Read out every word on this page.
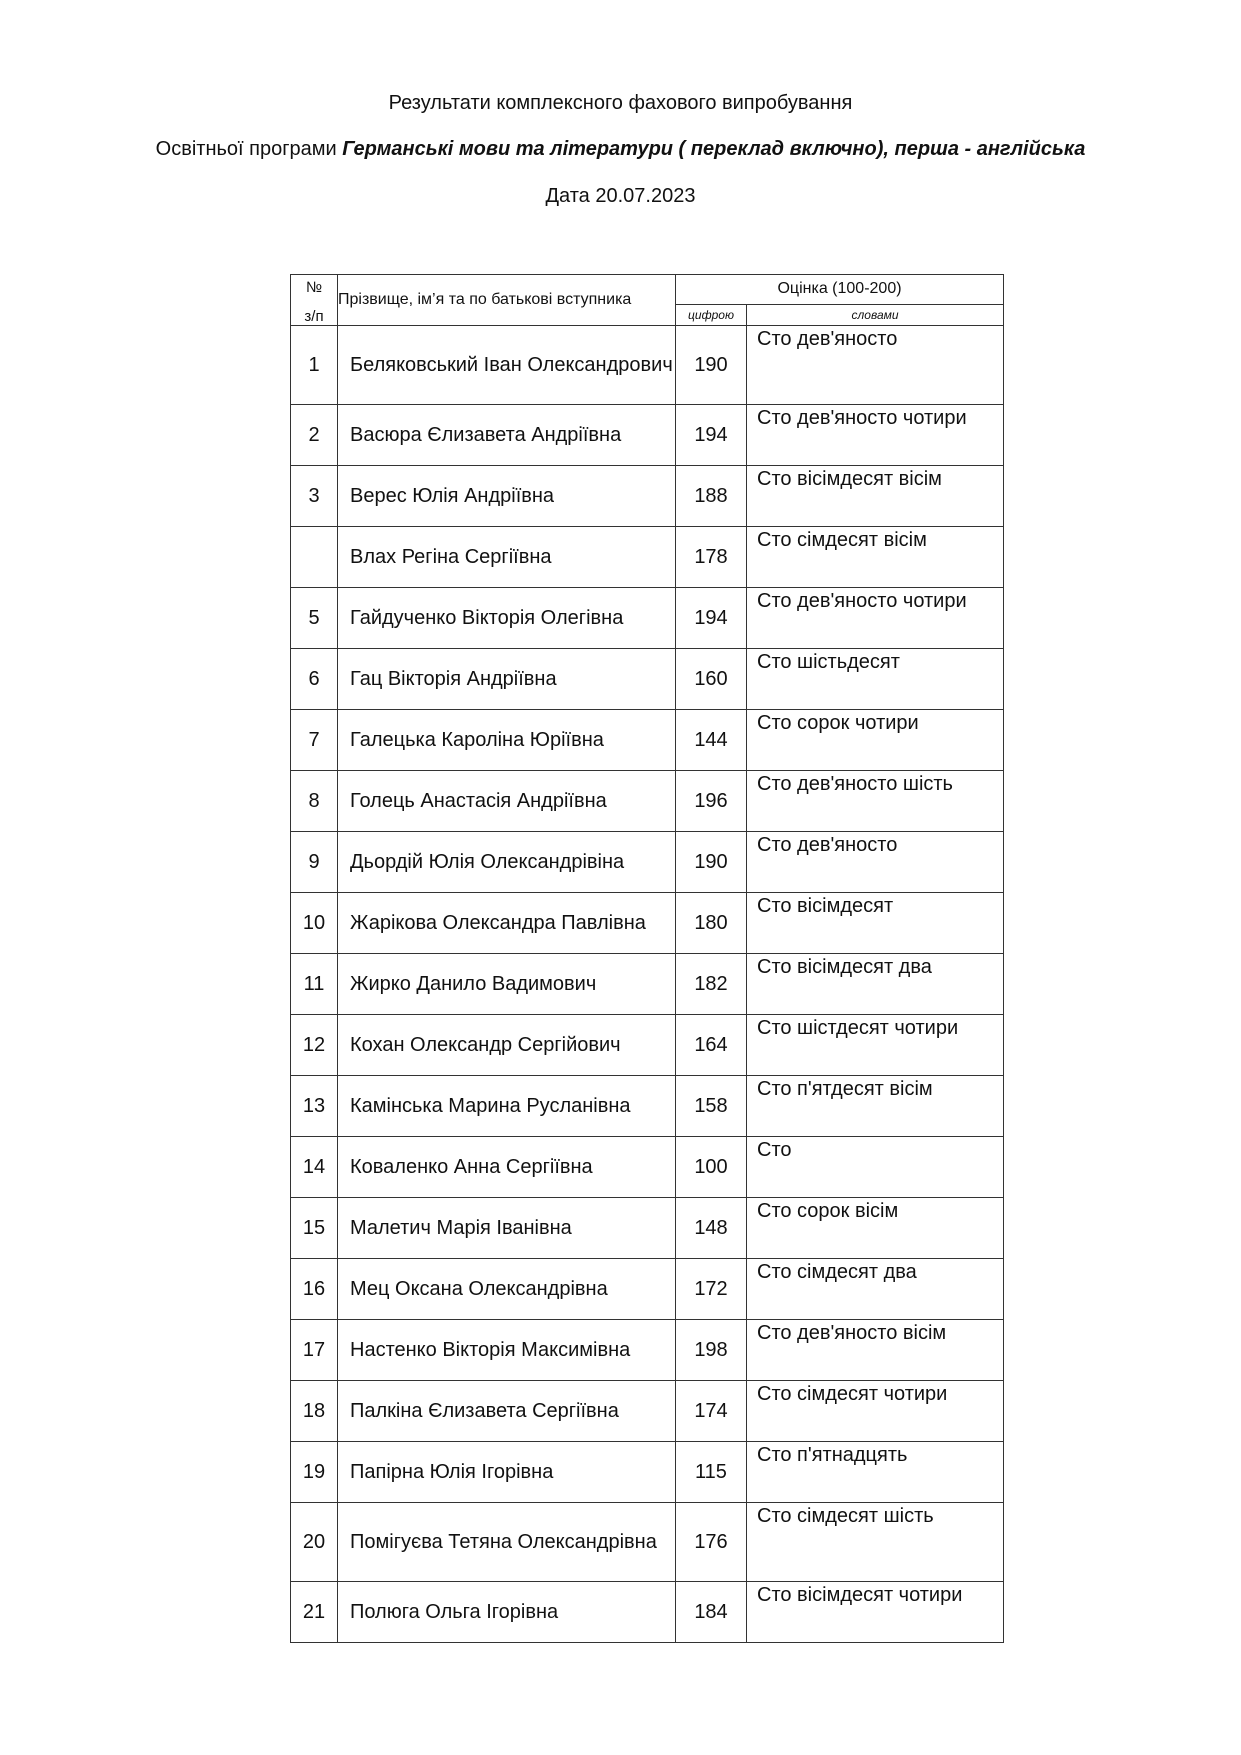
Результати комплексного фахового випробування
Освітньої програми Германські мови та літератури ( переклад включно), перша - англійська
Дата 20.07.2023
№
з/п	Прізвище, ім’я та по батькові вступника	Оцінка (100-200)	
		цифрою	словами
1	Беляковський Іван Олександрович	190	Сто дев'яносто
2	Васюра Єлизавета Андріївна	194	Сто дев'яносто чотири
3	Верес Юлія Андріївна	188	Сто вісімдесят вісім
	Влах Регіна Сергіївна	178	Сто сімдесят вісім
5	Гайдученко Вікторія Олегівна	194	Сто дев'яносто чотири
6	Гац Вікторія Андріївна	160	Сто шістьдесят
7	Галецька Кароліна Юріївна	144	Сто сорок чотири
8	Голець Анастасія Андріївна	196	Сто дев'яносто шість
9	Дьордій Юлія Олександрівіна	190	Сто дев'яносто
10	Жарікова Олександра Павлівна	180	Сто вісімдесят
11	Жирко Данило Вадимович	182	Сто вісімдесят два
12	Кохан Олександр Сергійович	164	Сто шістдесят чотири
13	Камінська Марина Русланівна	158	Сто п'ятдесят вісім
14	Коваленко Анна Сергіївна	100	Сто
15	Малетич Марія Іванівна	148	Сто сорок вісім
16	Мец Оксана Олександрівна	172	Сто сімдесят два
17	Настенко Вікторія Максимівна	198	Сто дев'яносто вісім
18	Палкіна Єлизавета Сергіївна	174	Сто сімдесят чотири
19	Папірна Юлія Ігорівна	115	Сто п'ятнадцять
20	Помігуєва Тетяна Олександрівна	176	Сто сімдесят шість
21	Полюга Ольга Ігорівна	184	Сто вісімдесят чотири
